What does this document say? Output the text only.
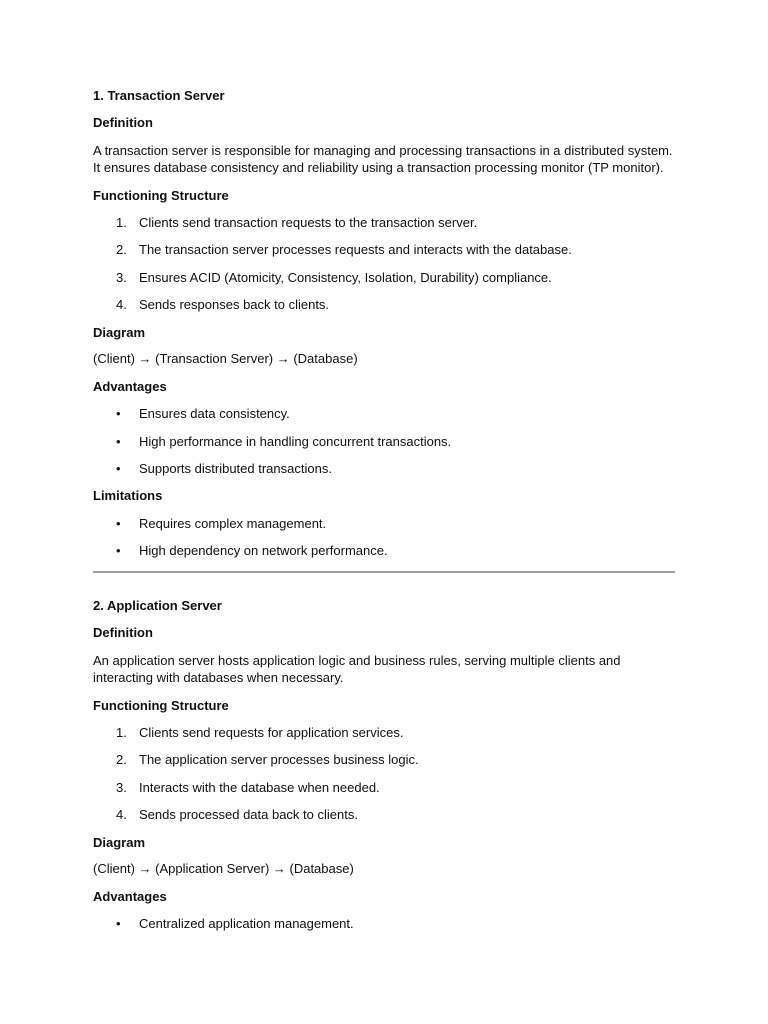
1. Transaction Server
Definition
A transaction server is responsible for managing and processing transactions in a distributed system.
It ensures database consistency and reliability using a transaction processing monitor (TP monitor).
Functioning Structure
1. Clients send transaction requests to the transaction server.
2. The transaction server processes requests and interacts with the database.
3. Ensures ACID (Atomicity, Consistency, Isolation, Durability) compliance.
4. Sends responses back to clients.
Diagram
(Client) → (Transaction Server) → (Database)
Advantages
• Ensures data consistency.
• High performance in handling concurrent transactions.
• Supports distributed transactions.
Limitations
• Requires complex management.
• High dependency on network performance.
2. Application Server
Definition
An application server hosts application logic and business rules, serving multiple clients and
interacting with databases when necessary.
Functioning Structure
1. Clients send requests for application services.
2. The application server processes business logic.
3. Interacts with the database when needed.
4. Sends processed data back to clients.
Diagram
(Client) → (Application Server) → (Database)
Advantages
• Centralized application management.
